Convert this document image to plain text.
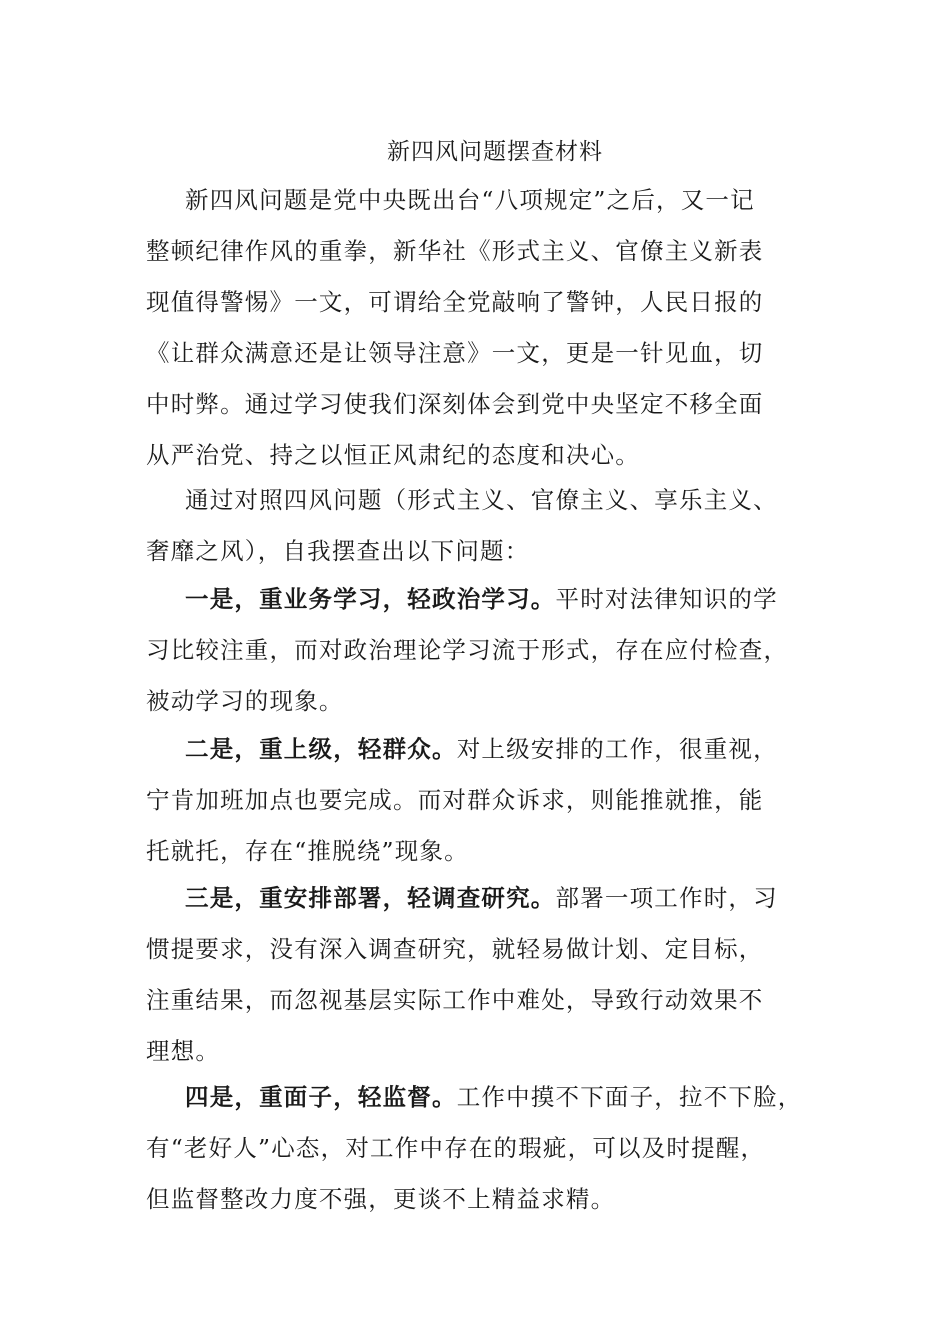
新四风问题摆查材料
新四风问题是党中央既出台“八项规定”之后，又一记
整顿纪律作风的重拳，新华社《形式主义、官僚主义新表
现值得警惕》一文，可谓给全党敲响了警钟，人民日报的
《让群众满意还是让领导注意》一文，更是一针见血，切
中时弊。通过学习使我们深刻体会到党中央坚定不移全面
从严治党、持之以恒正风肃纪的态度和决心。
通过对照四风问题（形式主义、官僚主义、享乐主义、
奢靡之风），自我摆查出以下问题：
一是，重业务学习，轻政治学习。平时对法律知识的学
习比较注重，而对政治理论学习流于形式，存在应付检查，
被动学习的现象。
二是，重上级，轻群众。对上级安排的工作，很重视，
宁肯加班加点也要完成。而对群众诉求，则能推就推，能
托就托，存在“推脱绕”现象。
三是，重安排部署，轻调查研究。部署一项工作时，习
惯提要求，没有深入调查研究，就轻易做计划、定目标，
注重结果，而忽视基层实际工作中难处，导致行动效果不
理想。
四是，重面子，轻监督。工作中摸不下面子，拉不下脸，
有“老好人”心态，对工作中存在的瑕疵，可以及时提醒，
但监督整改力度不强，更谈不上精益求精。
